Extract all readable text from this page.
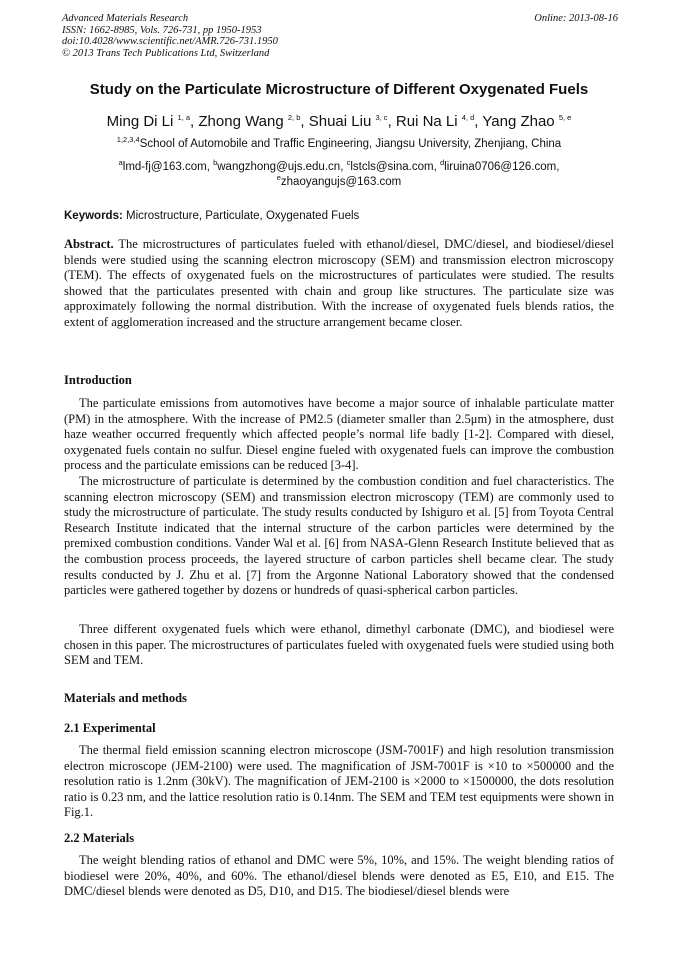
Advanced Materials Research
ISSN: 1662-8985, Vols. 726-731, pp 1950-1953
doi:10.4028/www.scientific.net/AMR.726-731.1950
© 2013 Trans Tech Publications Ltd, Switzerland
Online: 2013-08-16
Study on the Particulate Microstructure of Different Oxygenated Fuels
Ming Di Li $^{1, a}$, Zhong Wang $^{2, b}$, Shuai Liu $^{3, c}$, Rui Na Li $^{4, d}$, Yang Zhao $^{5, e}$
$^{1,2,3,4}$School of Automobile and Traffic Engineering, Jiangsu University, Zhenjiang, China
$^a$lmd-fj@163.com, $^b$wangzhong@ujs.edu.cn, $^c$lstcls@sina.com, $^d$liruina0706@126.com,
$^e$zhaoyangujs@163.com
Keywords: Microstructure, Particulate, Oxygenated Fuels

Abstract. The microstructures of particulates fueled with ethanol/diesel, DMC/diesel, and biodiesel/diesel blends were studied using the scanning electron microscopy (SEM) and transmission electron microscopy (TEM). The effects of oxygenated fuels on the microstructures of particulates were studied. The results showed that the particulates presented with chain and group like structures. The particulate size was approximately following the normal distribution. With the increase of oxygenated fuels blends ratios, the extent of agglomeration increased and the structure arrangement became closer.

Introduction

The particulate emissions from automotives have become a major source of inhalable particulate matter (PM) in the atmosphere. With the increase of PM2.5 (diameter smaller than 2.5μm) in the atmosphere, dust haze weather occurred frequently which affected people’s normal life badly [1-2]. Compared with diesel, oxygenated fuels contain no sulfur. Diesel engine fueled with oxygenated fuels can improve the combustion process and the particulate emissions can be reduced [3-4].

The microstructure of particulate is determined by the combustion condition and fuel characteristics. The scanning electron microscopy (SEM) and transmission electron microscopy (TEM) are commonly used to study the microstructure of particulate. The study results conducted by Ishiguro et al. [5] from Toyota Central Research Institute indicated that the internal structure of the carbon particles were determined by the premixed combustion conditions. Vander Wal et al. [6] from NASA-Glenn Research Institute believed that as the combustion process proceeds, the layered structure of carbon particles shell became clear. The study results conducted by J. Zhu et al. [7] from the Argonne National Laboratory showed that the condensed particles were gathered together by dozens or hundreds of quasi-spherical carbon particles.

Three different oxygenated fuels which were ethanol, dimethyl carbonate (DMC), and biodiesel were chosen in this paper. The microstructures of particulates fueled with oxygenated fuels were studied using both SEM and TEM.

Materials and methods

2.1 Experimental

The thermal field emission scanning electron microscope (JSM-7001F) and high resolution transmission electron microscope (JEM-2100) were used. The magnification of JSM-7001F is ×10 to ×500000 and the resolution ratio is 1.2nm (30kV). The magnification of JEM-2100 is ×2000 to ×1500000, the dots resolution ratio is 0.23 nm, and the lattice resolution ratio is 0.14nm. The SEM and TEM test equipments were shown in Fig.1.

2.2 Materials

The weight blending ratios of ethanol and DMC were 5%, 10%, and 15%. The weight blending ratios of biodiesel were 20%, 40%, and 60%. The ethanol/diesel blends were denoted as E5, E10, and E15. The DMC/diesel blends were denoted as D5, D10, and D15. The biodiesel/diesel blends were
